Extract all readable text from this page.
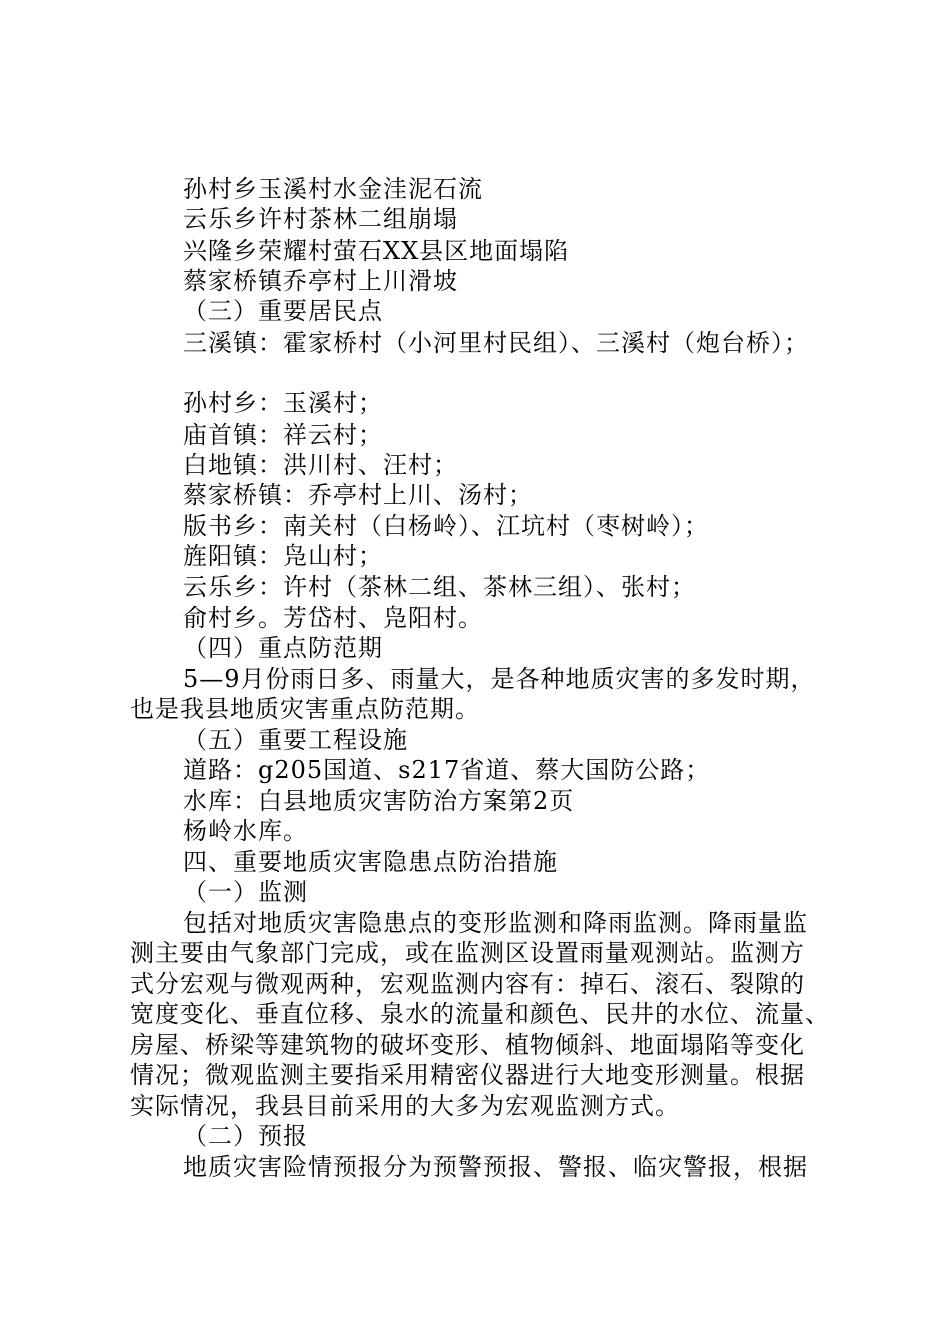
孙村乡玉溪村水金洼泥石流
云乐乡许村茶林二组崩塌
兴隆乡荣耀村萤石XX县区地面塌陷
蔡家桥镇乔亭村上川滑坡
（三）重要居民点
三溪镇：霍家桥村（小河里村民组）、三溪村（炮台桥）；
孙村乡：玉溪村；
庙首镇：祥云村；
白地镇：洪川村、汪村；
蔡家桥镇：乔亭村上川、汤村；
版书乡：南关村（白杨岭）、江坑村（枣树岭）；
旌阳镇：凫山村；
云乐乡：许村（茶林二组、茶林三组）、张村；
俞村乡。芳岱村、凫阳村。
（四）重点防范期
5—9月份雨日多、雨量大，是各种地质灾害的多发时期，
也是我县地质灾害重点防范期。
（五）重要工程设施
道路：g205国道、s217省道、蔡大国防公路；
水库：白县地质灾害防治方案第2页
杨岭水库。
四、重要地质灾害隐患点防治措施
（一）监测
包括对地质灾害隐患点的变形监测和降雨监测。降雨量监
测主要由气象部门完成，或在监测区设置雨量观测站。监测方
式分宏观与微观两种，宏观监测内容有：掉石、滚石、裂隙的
宽度变化、垂直位移、泉水的流量和颜色、民井的水位、流量、
房屋、桥梁等建筑物的破坏变形、植物倾斜、地面塌陷等变化
情况；微观监测主要指采用精密仪器进行大地变形测量。根据
实际情况，我县目前采用的大多为宏观监测方式。
（二）预报
地质灾害险情预报分为预警预报、警报、临灾警报，根据
